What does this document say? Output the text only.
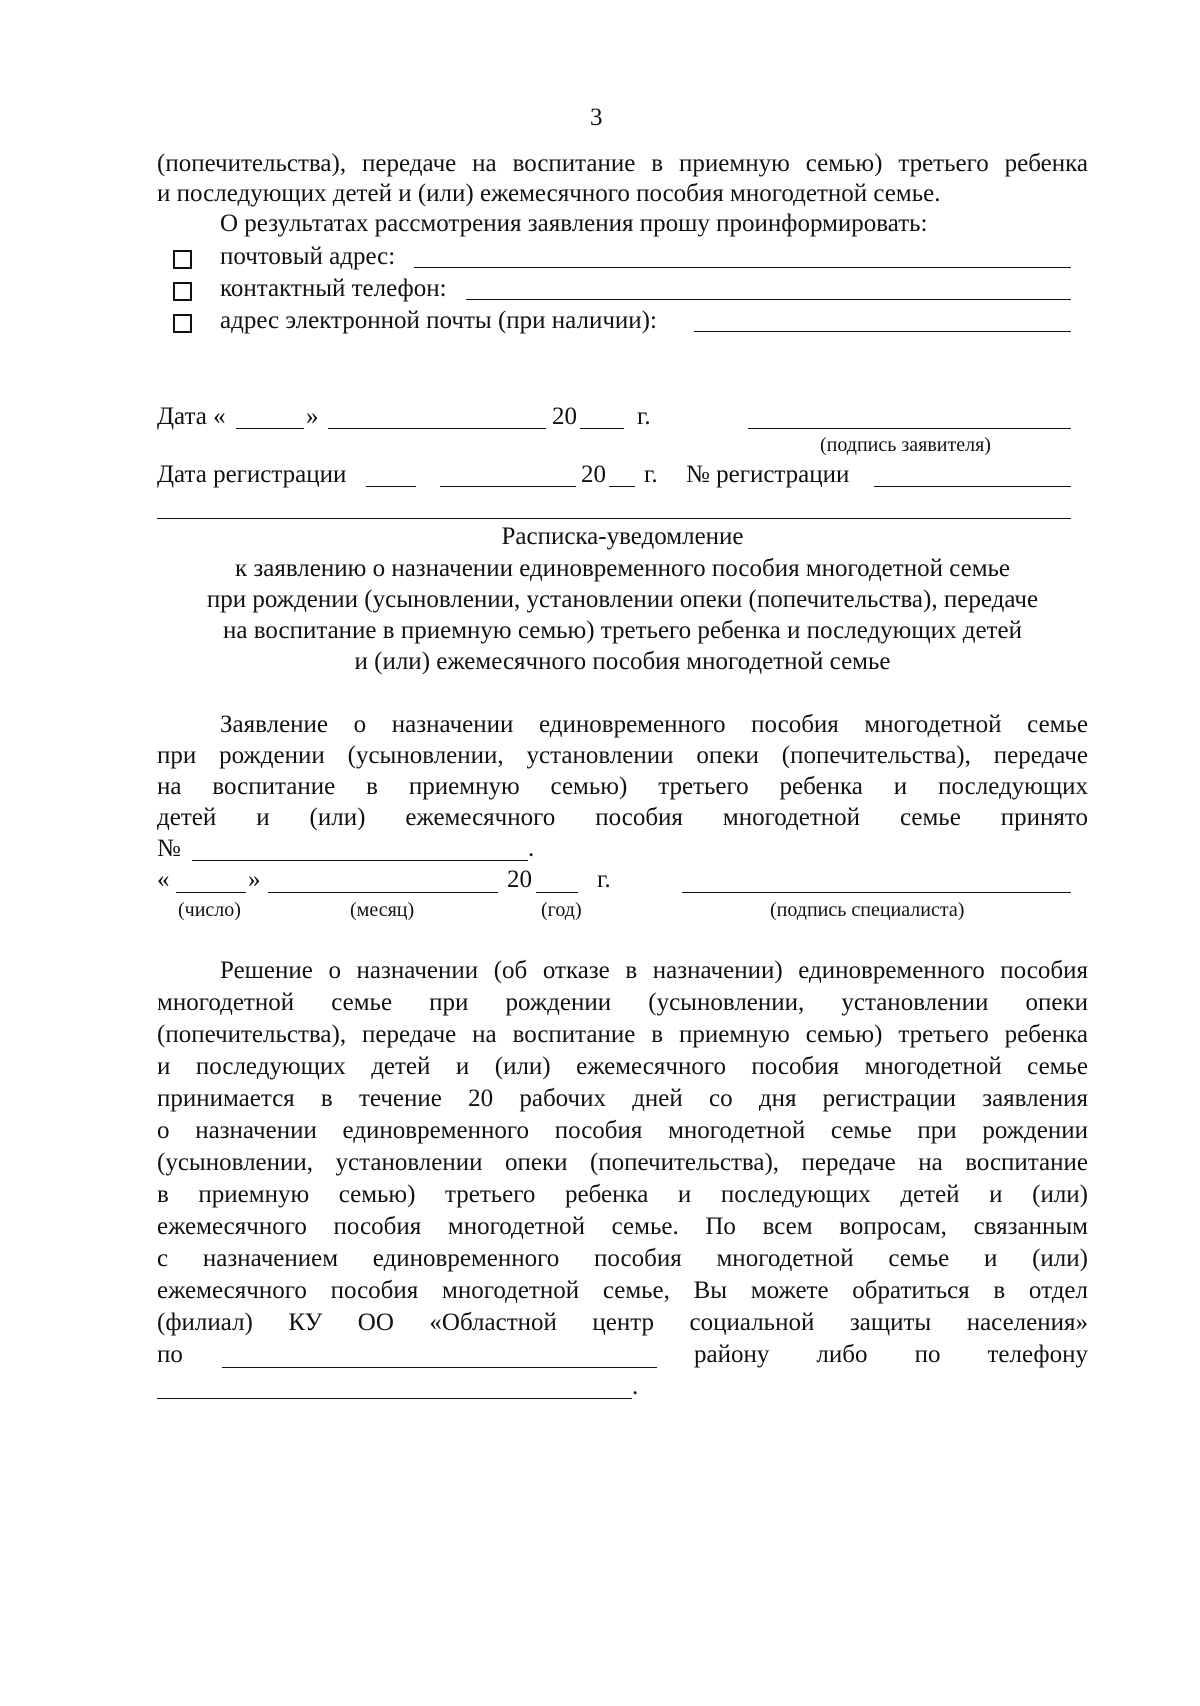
3
(попечительства), передаче на воспитание в приемную семью) третьего ребенка
и последующих детей и (или) ежемесячного пособия многодетной семье.
О результатах рассмотрения заявления прошу проинформировать:
почтовый адрес:
контактный телефон:
адрес электронной почты (при наличии):
Дата «	»	20 г.
(подпись заявителя)
Дата регистрации	20 г. № регистрации
Расписка-уведомление
к заявлению о назначении единовременного пособия многодетной семье
при рождении (усыновлении, установлении опеки (попечительства), передаче
на воспитание в приемную семью) третьего ребенка и последующих детей
и (или) ежемесячного пособия многодетной семье
Заявление о назначении единовременного пособия многодетной семье
при рождении (усыновлении, установлении опеки (попечительства), передаче
на воспитание в приемную семью) третьего ребенка и последующих
детей и (или) ежемесячного пособия многодетной семье принято
№	.
«	»	20	г.
(число)	(месяц)	(год)	(подпись специалиста)
Решение о назначении (об отказе в назначении) единовременного пособия
многодетной семье при рождении (усыновлении, установлении опеки
(попечительства), передаче на воспитание в приемную семью) третьего ребенка
и последующих детей и (или) ежемесячного пособия многодетной семье
принимается в течение 20 рабочих дней со дня регистрации заявления
о назначении единовременного пособия многодетной семье при рождении
(усыновлении, установлении опеки (попечительства), передаче на воспитание
в приемную семью) третьего ребенка и последующих детей и (или)
ежемесячного пособия многодетной семье. По всем вопросам, связанным
с назначением единовременного пособия многодетной семье и (или)
ежемесячного пособия многодетной семье, Вы можете обратиться в отдел
(филиал) КУ ОО «Областной центр социальной защиты населения»
по	району либо по телефону
.
